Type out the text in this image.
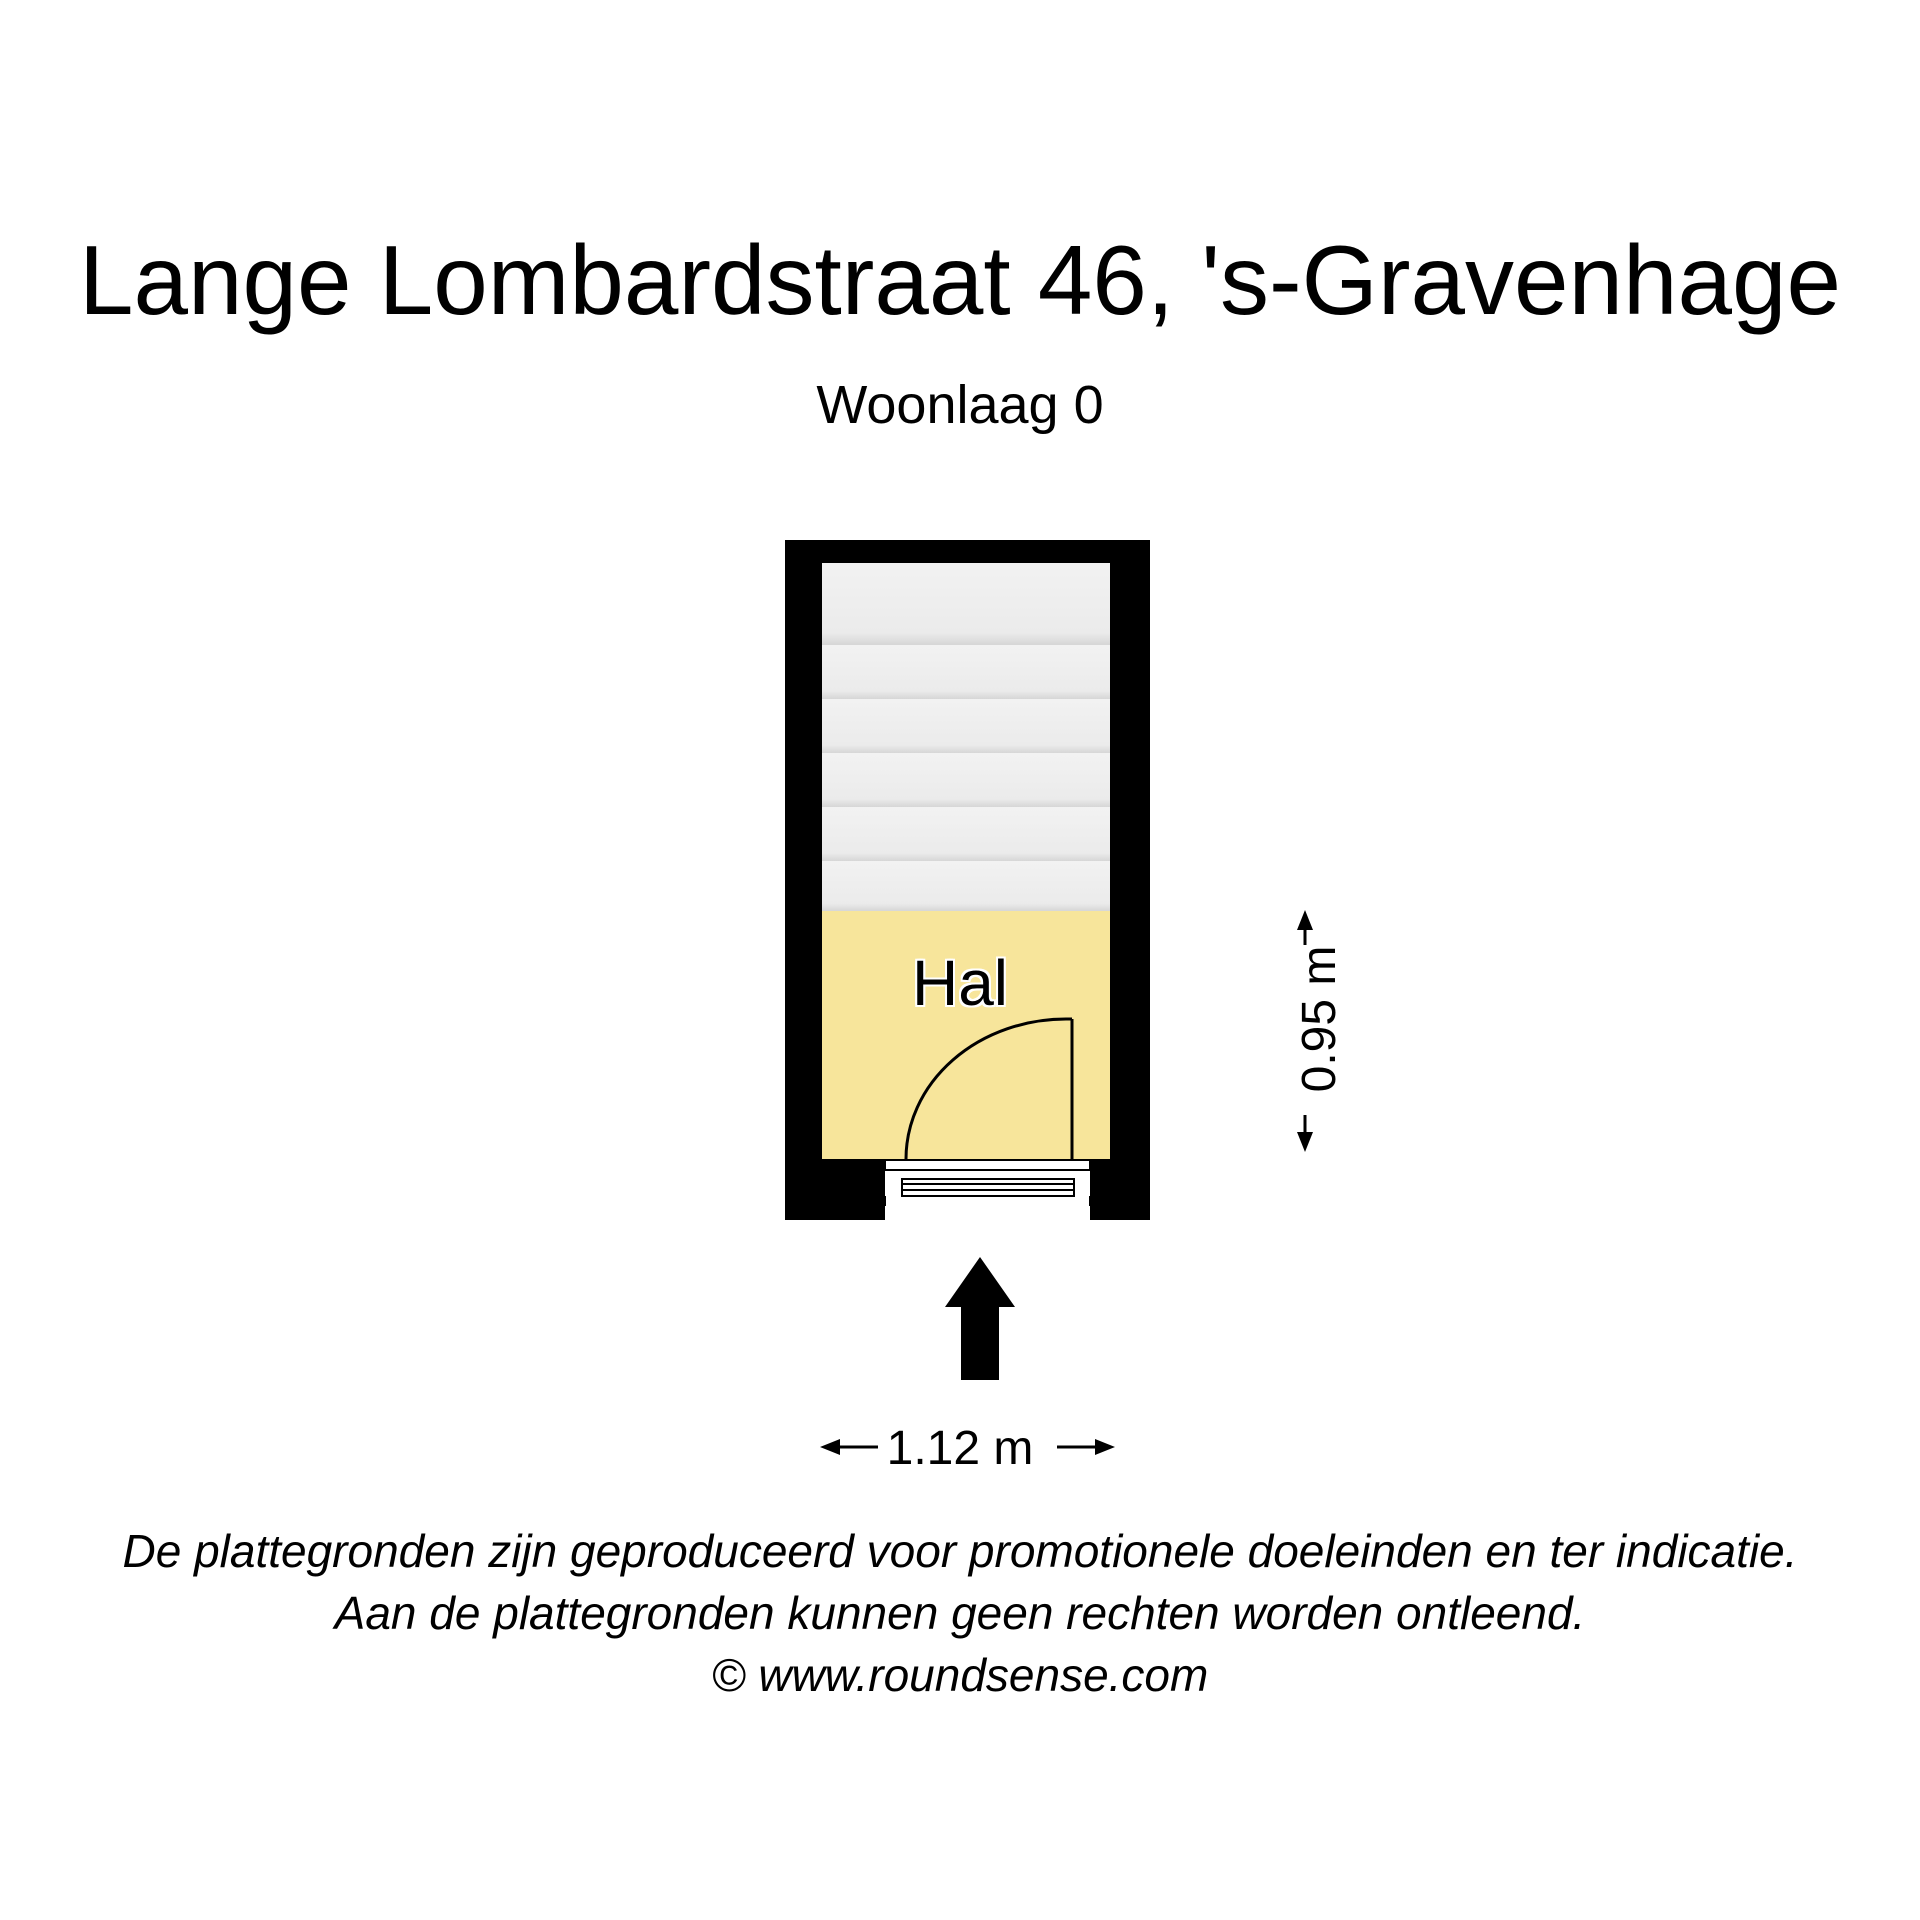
Lange Lombardstraat 46, 's-Gravenhage
Woonlaag 0
Hal
1.12 m
0.95 m
De plattegronden zijn geproduceerd voor promotionele doeleinden en ter indicatie.
Aan de plattegronden kunnen geen rechten worden ontleend.
© www.roundsense.com
